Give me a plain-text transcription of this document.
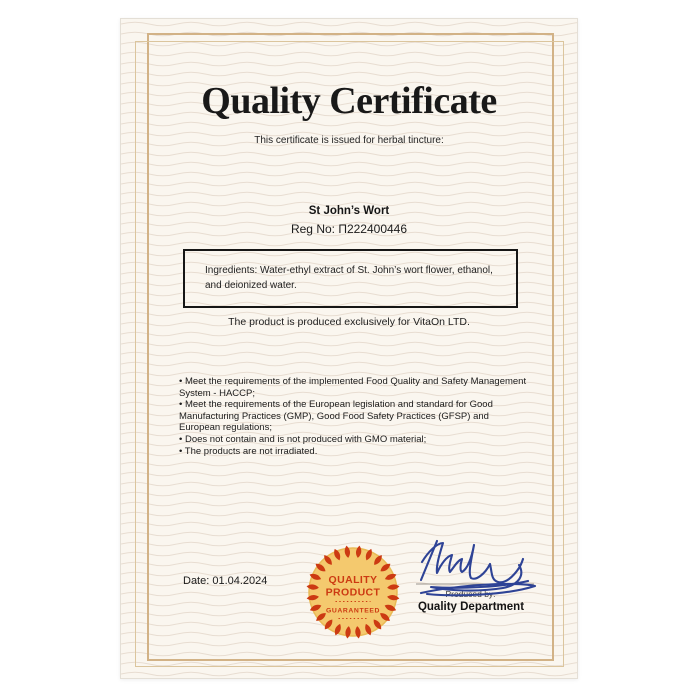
Quality Certificate
This certificate is issued for herbal tincture:
St John’s Wort
Reg No: П222400446
Ingredients: Water-ethyl extract of St. John’s wort flower, ethanol, and deionized water.
The product is produced exclusively for VitaOn LTD.
• Meet the requirements of the implemented Food Quality and Safety Management System - HACCP;
• Meet the requirements of the European legislation and standard for Good Manufacturing Practices (GMP), Good Food Safety Practices (GFSP) and European regulations;
• Does not contain and is not produced with GMO material;
• The products are not irradiated.
Date: 01.04.2024	QUALITY
PRODUCT
GUARANTEED
Produced by:
Quality Department
